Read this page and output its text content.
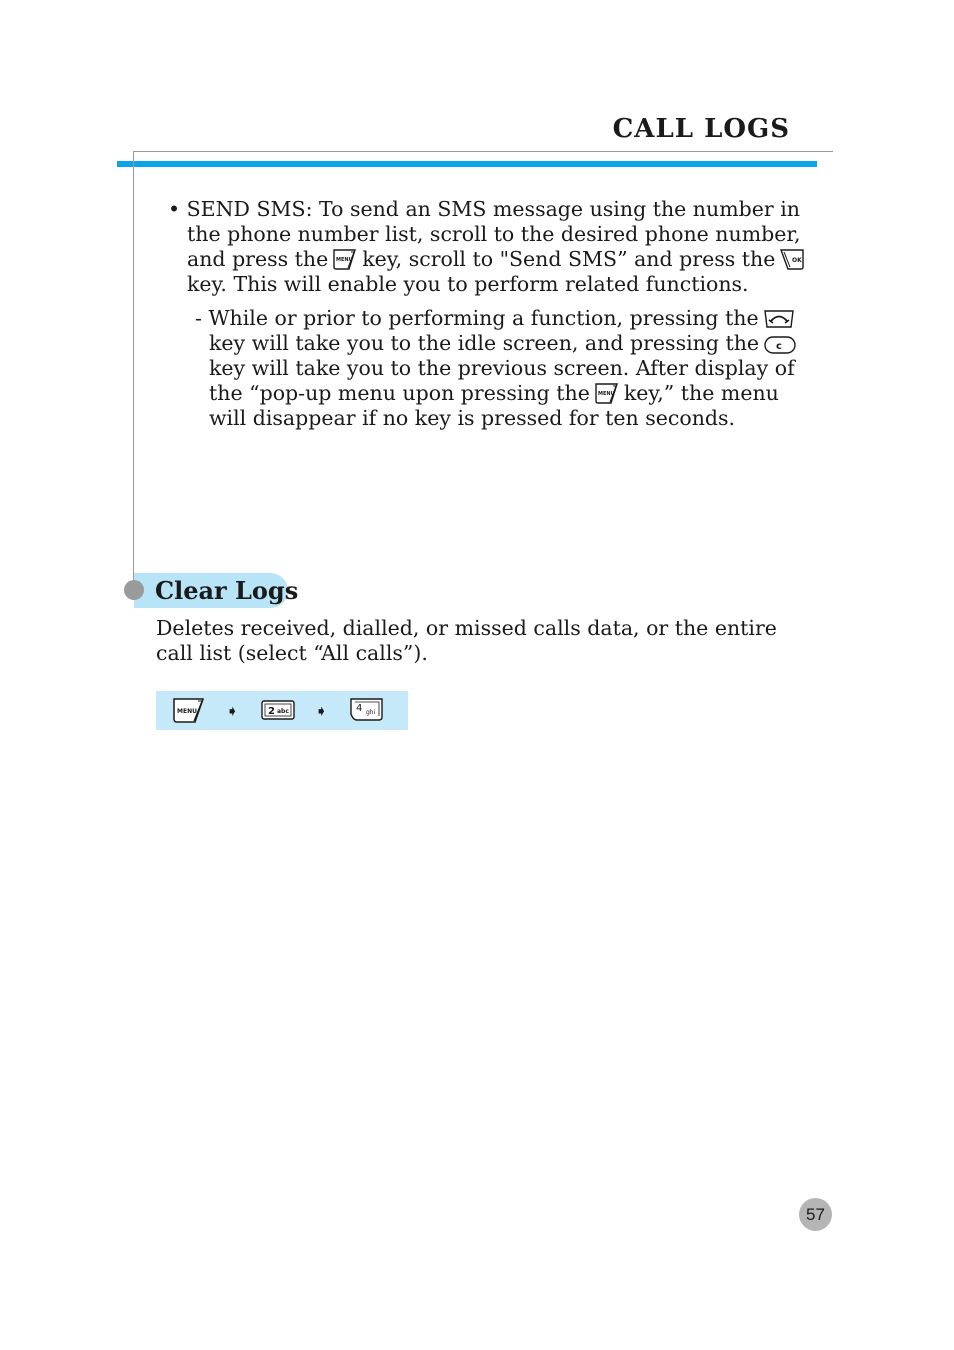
CALL LOGS

• SEND SMS: To send an SMS message using the number in the phone number list, scroll to the desired phone number, and press the MENU key, scroll to "Send SMS” and press the	OK
key. This will enable you to perform related functions.

- While or prior to performing a function, pressing the
key will take you to the idle screen, and pressing the c
key will take you to the previous screen. After display of the “pop-up menu upon pressing the MENU key,” the menu will disappear if no key is pressed for ten seconds.

Clear Logs

Deletes received, dialled, or missed calls data, or the entire call list (select “All calls”).

MENU ➧	2 abc ➧	4 ghi
57
